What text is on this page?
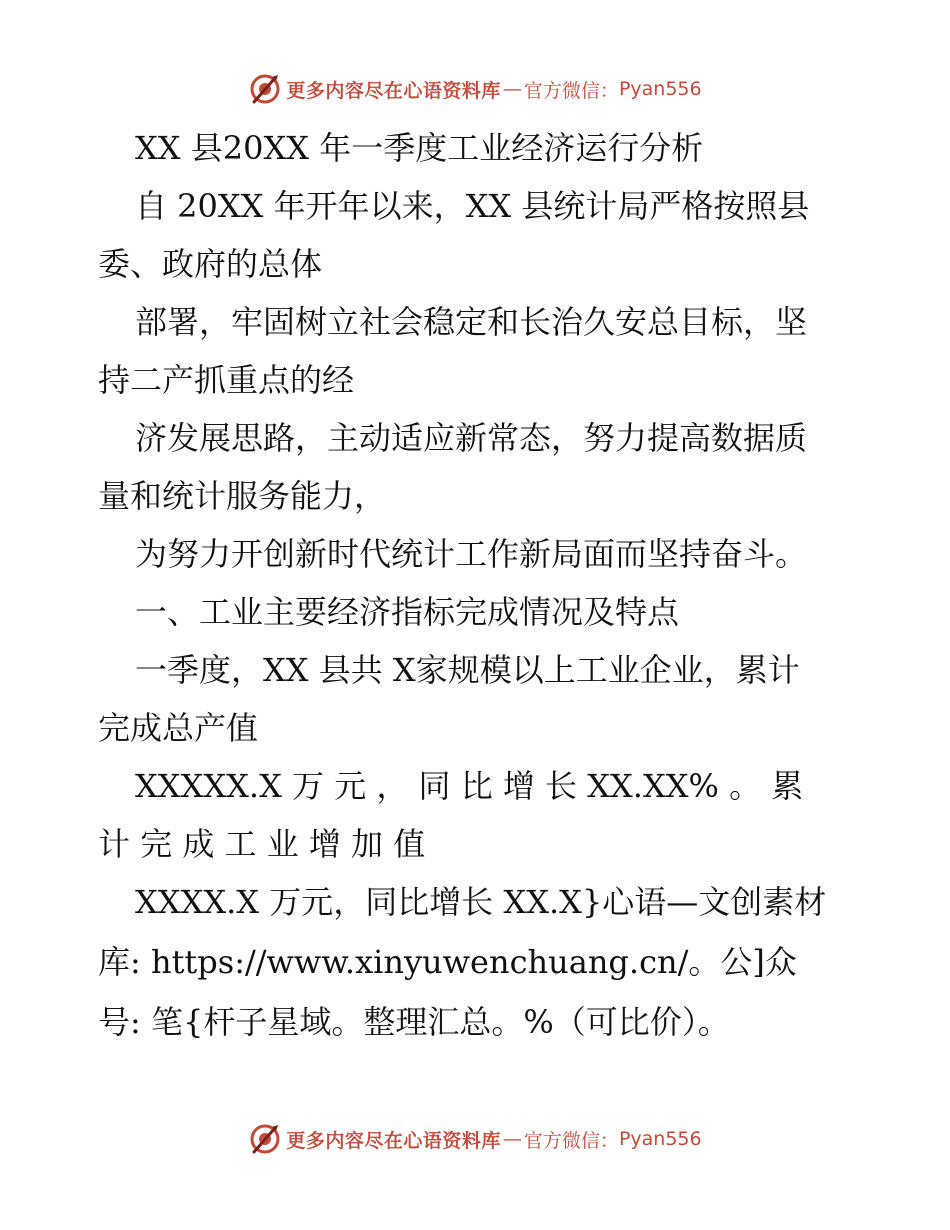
更多内容尽在心语资料库 — 官方微信： Pyan556
XX 县20XX 年一季度工业经济运行分析
自 20XX 年开年以来，XX 县统计局严格按照县
委、政府的总体
部署，牢固树立社会稳定和长治久安总目标，坚
持二产抓重点的经
济发展思路，主动适应新常态，努力提高数据质
量和统计服务能力，
为努力开创新时代统计工作新局面而坚持奋斗。
一、工业主要经济指标完成情况及特点
一季度，XX 县共 X家规模以上工业企业，累计
完成总产值
XXXXX.X 万 元 ， 同 比 增 长 XX.XX% 。 累
计 完 成 工 业 增 加 值
XXXX.X 万元，同比增长 XX.X}心语—文创素材
库: https://www.xinyuwenchuang.cn/。公]众
号: 笔{杆子星域。整理汇总。%（可比价）。
更多内容尽在心语资料库 — 官方微信： Pyan556
